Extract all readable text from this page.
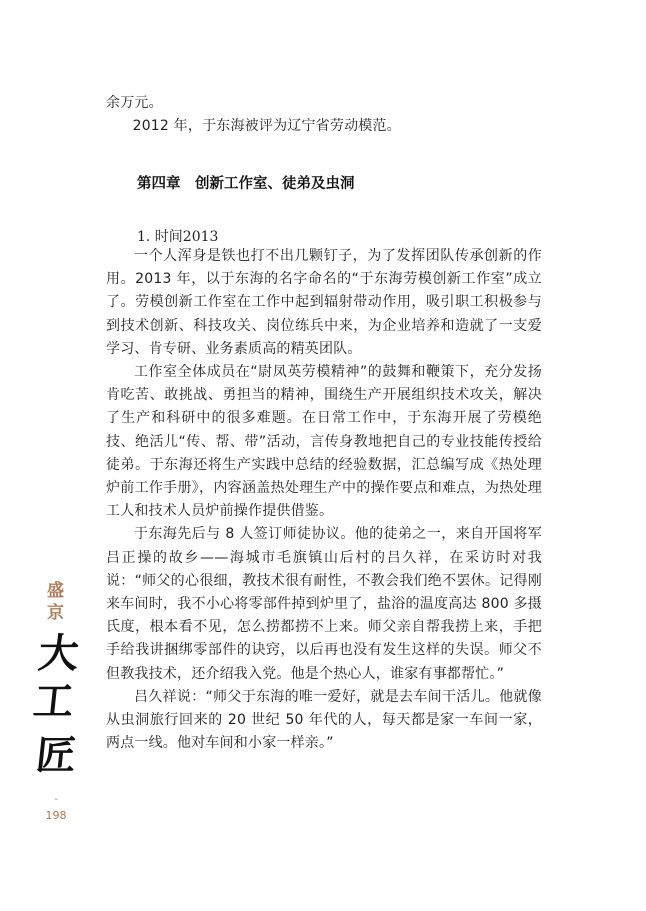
余万元。

2012 年，于东海被评为辽宁省劳动模范。

第四章　创新工作室、徒弟及虫洞
1. 时间2013

一个人浑身是铁也打不出几颗钉子，为了发挥团队传承创新的作用。2013 年，以于东海的名字命名的“于东海劳模创新工作室”成立了。劳模创新工作室在工作中起到辐射带动作用，吸引职工积极参与到技术创新、科技攻关、岗位练兵中来，为企业培养和造就了一支爱学习、肯专研、业务素质高的精英团队。

工作室全体成员在“尉凤英劳模精神”的鼓舞和鞭策下，充分发扬肯吃苦、敢挑战、勇担当的精神，围绕生产开展组织技术攻关，解决了生产和科研中的很多难题。在日常工作中，于东海开展了劳模绝技、绝活儿“传、帮、带”活动，言传身教地把自己的专业技能传授给徒弟。于东海还将生产实践中总结的经验数据，汇总编写成《热处理炉前工作手册》，内容涵盖热处理生产中的操作要点和难点，为热处理工人和技术人员炉前操作提供借鉴。

于东海先后与 8 人签订师徒协议。他的徒弟之一，来自开国将军吕正操的故乡——海城市毛旗镇山后村的吕久祥，在采访时对我说：“师父的心很细，教技术很有耐性，不教会我们绝不罢休。记得刚来车间时，我不小心将零部件掉到炉里了，盐浴的温度高达 800 多摄氏度，根本看不见，怎么捞都捞不上来。师父亲自帮我捞上来，手把手给我讲捆绑零部件的诀窍，以后再也没有发生这样的失误。师父不但教我技术，还介绍我入党。他是个热心人，谁家有事都帮忙。”

吕久祥说：“师父于东海的唯一爱好，就是去车间干活儿。他就像从虫洞旅行回来的 20 世纪 50 年代的人，每天都是家一车间一家，两点一线。他对车间和小家一样亲。”

盛
京
大工
匠
-
198
